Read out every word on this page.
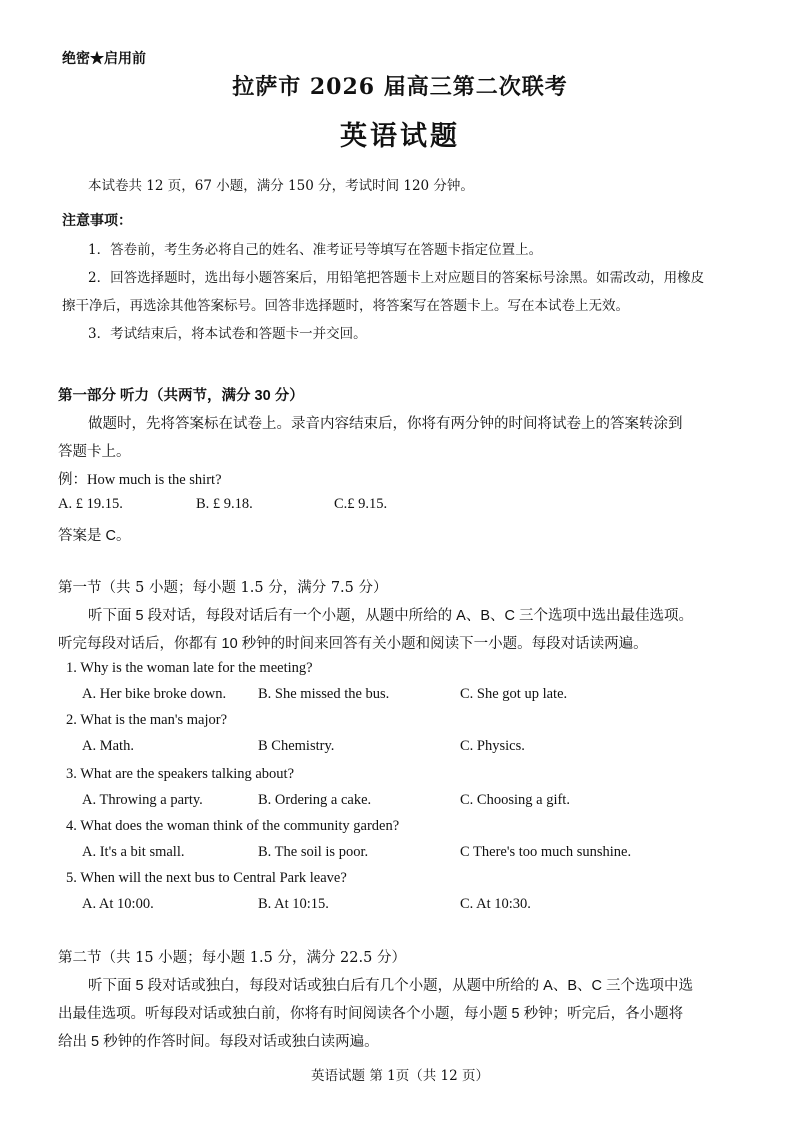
绝密★启用前
拉萨市 2026 届高三第二次联考
英语试题
本试卷共 12 页，67 小题，满分 150 分，考试时间 120 分钟。
注意事项：
1．答卷前，考生务必将自己的姓名、准考证号等填写在答题卡指定位置上。
2．回答选择题时，选出每小题答案后，用铅笔把答题卡上对应题目的答案标号涂黑。如需改动，用橡皮
擦干净后，再选涂其他答案标号。回答非选择题时，将答案写在答题卡上。写在本试卷上无效。
3．考试结束后，将本试卷和答题卡一并交回。
第一部分 听力（共两节，满分 30 分）
做题时，先将答案标在试卷上。录音内容结束后，你将有两分钟的时间将试卷上的答案转涂到
答题卡上。
例：How much is the shirt?
A. £ 19.15.	B. £ 9.18.	C.£ 9.15.
答案是 C。
第一节（共 5 小题；每小题 1.5 分，满分 7.5 分）
听下面 5 段对话，每段对话后有一个小题，从题中所给的 A、B、C 三个选项中选出最佳选项。
听完每段对话后，你都有 10 秒钟的时间来回答有关小题和阅读下一小题。每段对话读两遍。
1. Why is the woman late for the meeting?
A. Her bike broke down. B. She missed the bus.	C. She got up late.
2. What is the man's major?
A. Math.	B Chemistry.	C. Physics.
3. What are the speakers talking about?
A. Throwing a party.	B. Ordering a cake.	C. Choosing a gift.
4. What does the woman think of the community garden?
A. It's a bit small.	B. The soil is poor.	C There's too much sunshine.
5. When will the next bus to Central Park leave?
A. At 10:00.	B. At 10:15.	C. At 10:30.
第二节（共 15 小题；每小题 1.5 分，满分 22.5 分）
听下面 5 段对话或独白，每段对话或独白后有几个小题，从题中所给的 A、B、C 三个选项中选
出最佳选项。听每段对话或独白前，你将有时间阅读各个小题，每小题 5 秒钟；听完后，各小题将
给出 5 秒钟的作答时间。每段对话或独白读两遍。
英语试题 第 1页（共 12 页）
